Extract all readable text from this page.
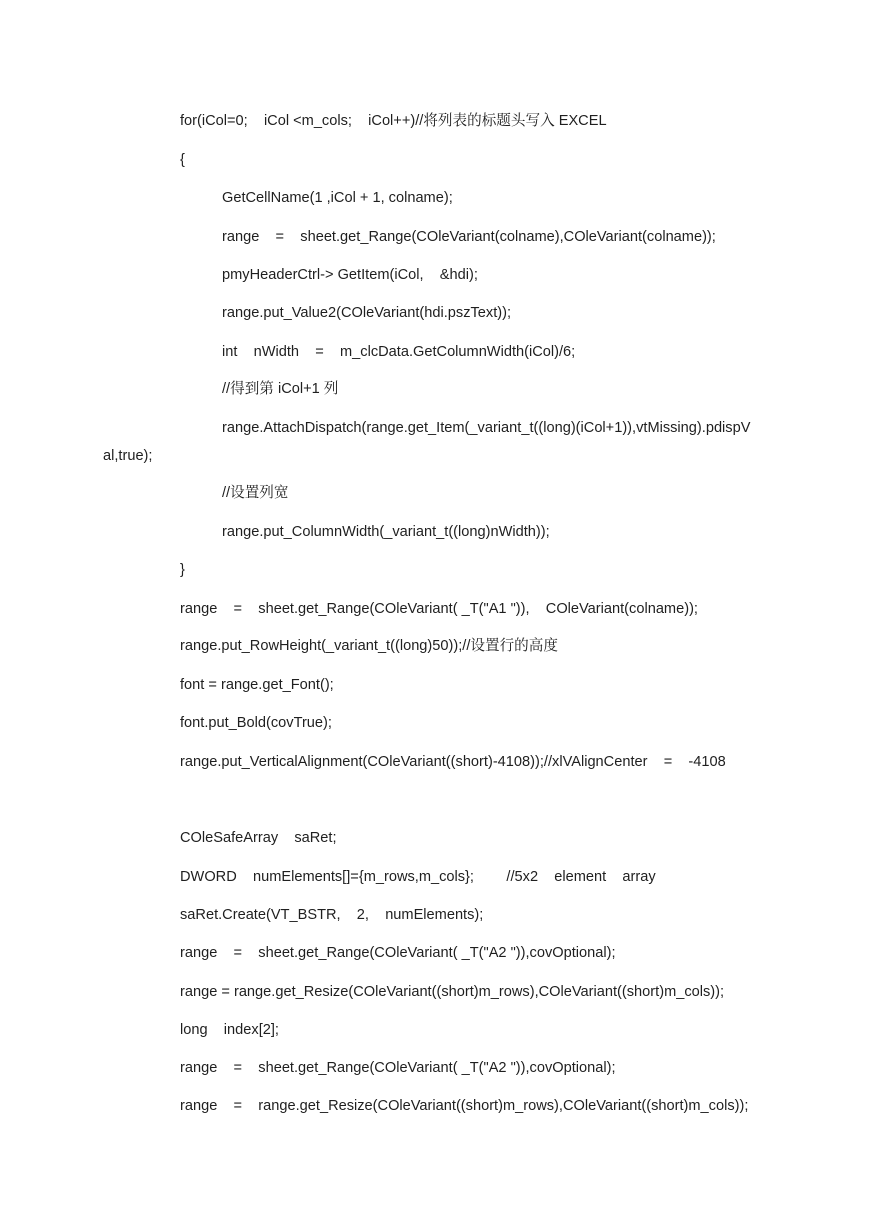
for(iCol=0;    iCol <m_cols;    iCol++)//将列表的标题头写入 EXCEL

{

GetCellName(1 ,iCol + 1, colname);

range    =    sheet.get_Range(COleVariant(colname),COleVariant(colname));

pmyHeaderCtrl-> GetItem(iCol,    &hdi);

range.put_Value2(COleVariant(hdi.pszText));

int    nWidth    =    m_clcData.GetColumnWidth(iCol)/6;

//得到第 iCol+1 列

range.AttachDispatch(range.get_Item(_variant_t((long)(iCol+1)),vtMissing).pdispV

al,true);

//设置列宽

range.put_ColumnWidth(_variant_t((long)nWidth));

}

range    =    sheet.get_Range(COleVariant( _T("A1 ")),    COleVariant(colname));

range.put_RowHeight(_variant_t((long)50));//设置行的高度

font = range.get_Font();

font.put_Bold(covTrue);

range.put_VerticalAlignment(COleVariant((short)-4108));//xlVAlignCenter    =    -4108

COleSafeArray    saRet;

DWORD    numElements[]={m_rows,m_cols};        //5x2    element    array

saRet.Create(VT_BSTR,    2,    numElements);

range    =    sheet.get_Range(COleVariant( _T("A2 ")),covOptional);

range = range.get_Resize(COleVariant((short)m_rows),COleVariant((short)m_cols));

long    index[2];

range    =    sheet.get_Range(COleVariant( _T("A2 ")),covOptional);

range    =    range.get_Resize(COleVariant((short)m_rows),COleVariant((short)m_cols));
